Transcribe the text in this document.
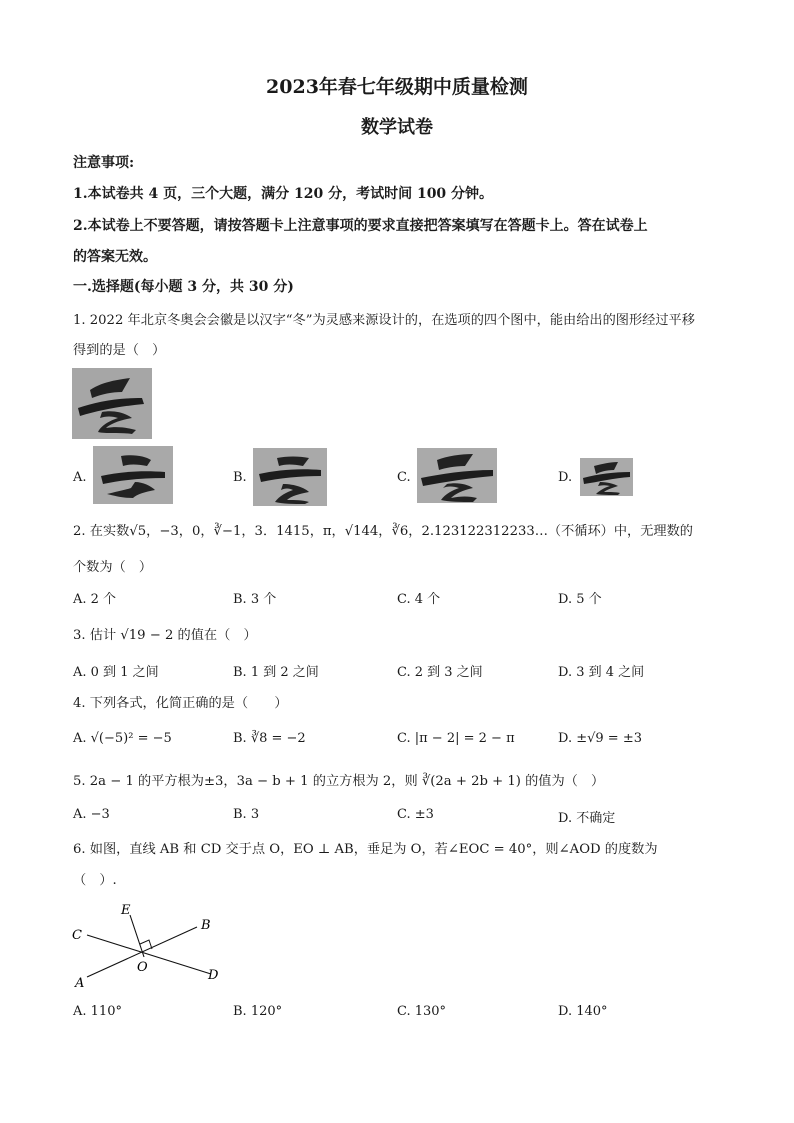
2023年春七年级期中质量检测
数学试卷
注意事项:
1.本试卷共 4 页，三个大题，满分 120 分，考试时间 100 分钟。
2.本试卷上不要答题，请按答题卡上注意事项的要求直接把答案填写在答题卡上。答在试卷上
的答案无效。
一.选择题(每小题 3 分，共 30 分)
1. 2022 年北京冬奥会会徽是以汉字“冬”为灵感来源设计的，在选项的四个图中，能由给出的图形经过平移
得到的是（　）
A.	B.	C.	D.
2. 在实数√5，−3，0，∛−1，3．1415，π，√144，∛6，2.123122312233…（不循环）中，无理数的
个数为（　）
A. 2 个	B. 3 个	C. 4 个	D. 5 个
3. 估计 √19 − 2 的值在（　）
A. 0 到 1 之间	B. 1 到 2 之间	C. 2 到 3 之间	D. 3 到 4 之间
4. 下列各式，化简正确的是（　　）
A. √(−5)² = −5	B. ∛8 = −2	C. |π − 2| = 2 − π	D. ±√9 = ±3
5. 2a − 1 的平方根为±3，3a − b + 1 的立方根为 2，则 ∛(2a + 2b + 1) 的值为（　）
A. −3	B. 3	C. ±3	D. 不确定
6. 如图，直线 AB 和 CD 交于点 O，EO ⊥ AB，垂足为 O，若∠EOC = 40°，则∠AOD 的度数为
（　）.
E
B
C
O
A
D
A. 110°	B. 120°	C. 130°	D. 140°
